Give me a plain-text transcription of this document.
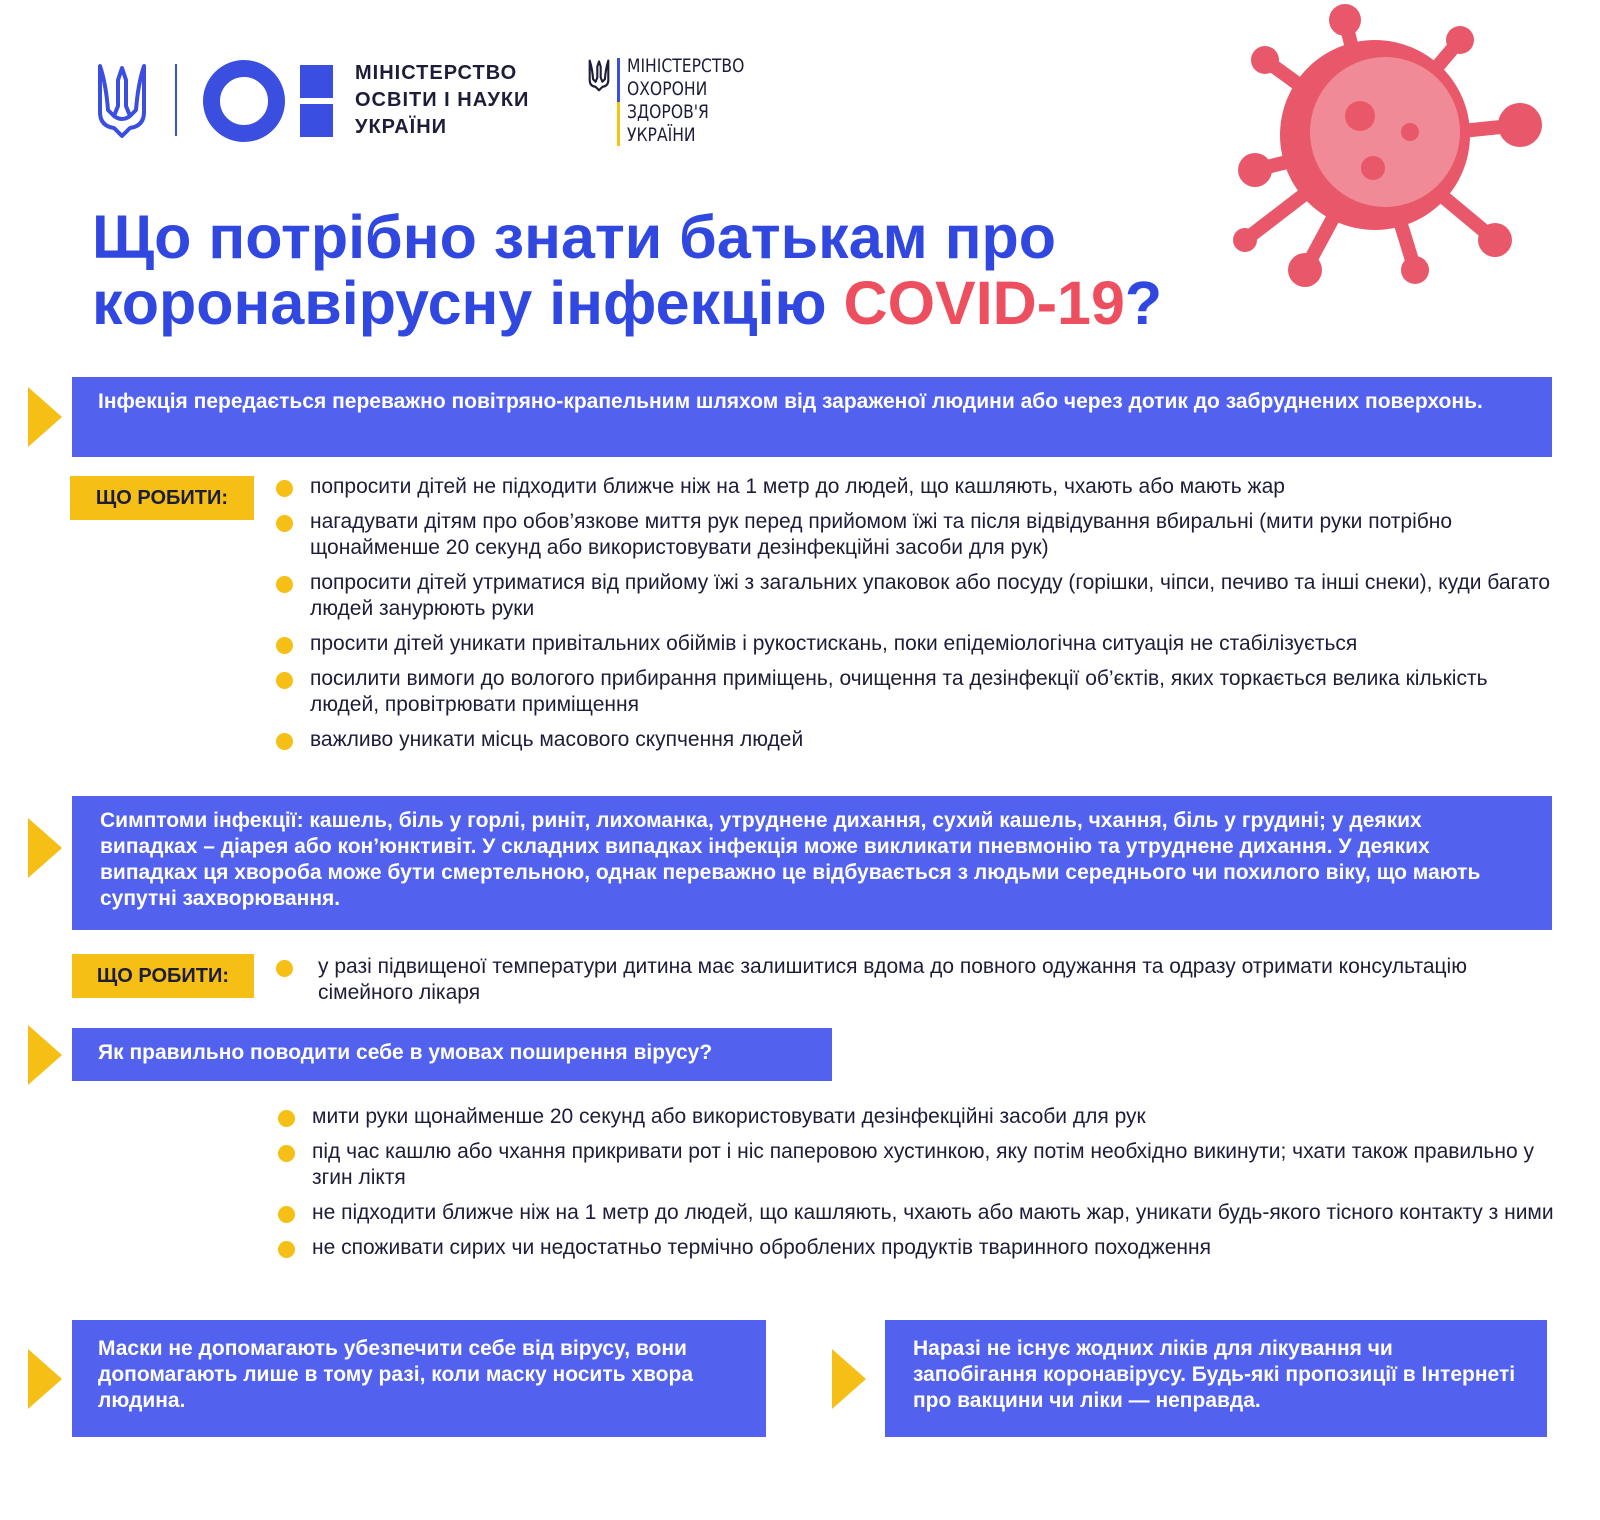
МІНІСТЕРСТВО
ОСВІТИ І НАУКИ
УКРАЇНИ
МІНІСТЕРСТВО
ОХОРОНИ
ЗДОРОВ'Я
УКРАЇНИ
Що потрібно знати батькам про
коронавірусну інфекцію COVID-19?
Інфекція передається переважно повітряно-крапельним шляхом від зараженої людини або через дотик до забруднених поверхонь.
ЩО РОБИТИ:	попросити дітей не підходити ближче ніж на 1 метр до людей, що кашляють, чхають або мають жар
нагадувати дітям про обов’язкове миття рук перед прийомом їжі та після відвідування вбиральні (мити руки потрібно щонайменше 20 секунд або використовувати дезінфекційні засоби для рук)
попросити дітей утриматися від прийому їжі з загальних упаковок або посуду (горішки, чіпси, печиво та інші снеки), куди багато людей занурюють руки
просити дітей уникати привітальних обіймів і рукостискань, поки епідеміологічна ситуація не стабілізується
посилити вимоги до вологого прибирання приміщень, очищення та дезінфекції об’єктів, яких торкається велика кількість людей, провітрювати приміщення
важливо уникати місць масового скупчення людей
Симптоми інфекції: кашель, біль у горлі, риніт, лихоманка, утруднене дихання, сухий кашель, чхання, біль у грудині; у деяких випадках – діарея або кон’юнктивіт. У складних випадках інфекція може викликати пневмонію та утруднене дихання. У деяких випадках ця хвороба може бути смертельною, однак переважно це відбувається з людьми середнього чи похилого віку, що мають супутні захворювання.
ЩО РОБИТИ:	у разі підвищеної температури дитина має залишитися вдома до повного одужання та одразу отримати консультацію сімейного лікаря
Як правильно поводити себе в умовах поширення вірусу?
мити руки щонайменше 20 секунд або використовувати дезінфекційні засоби для рук
під час кашлю або чхання прикривати рот і ніс паперовою хустинкою, яку потім необхідно викинути; чхати також правильно у згин ліктя
не підходити ближче ніж на 1 метр до людей, що кашляють, чхають або мають жар, уникати будь-якого тісного контакту з ними
не споживати сирих чи недостатньо термічно оброблених продуктів тваринного походження
Маски не допомагають убезпечити себе від вірусу, вони допомагають лише в тому разі, коли маску носить хвора людина.
Наразі не існує жодних ліків для лікування чи запобігання коронавірусу. Будь-які пропозиції в Інтернеті про вакцини чи ліки — неправда.
